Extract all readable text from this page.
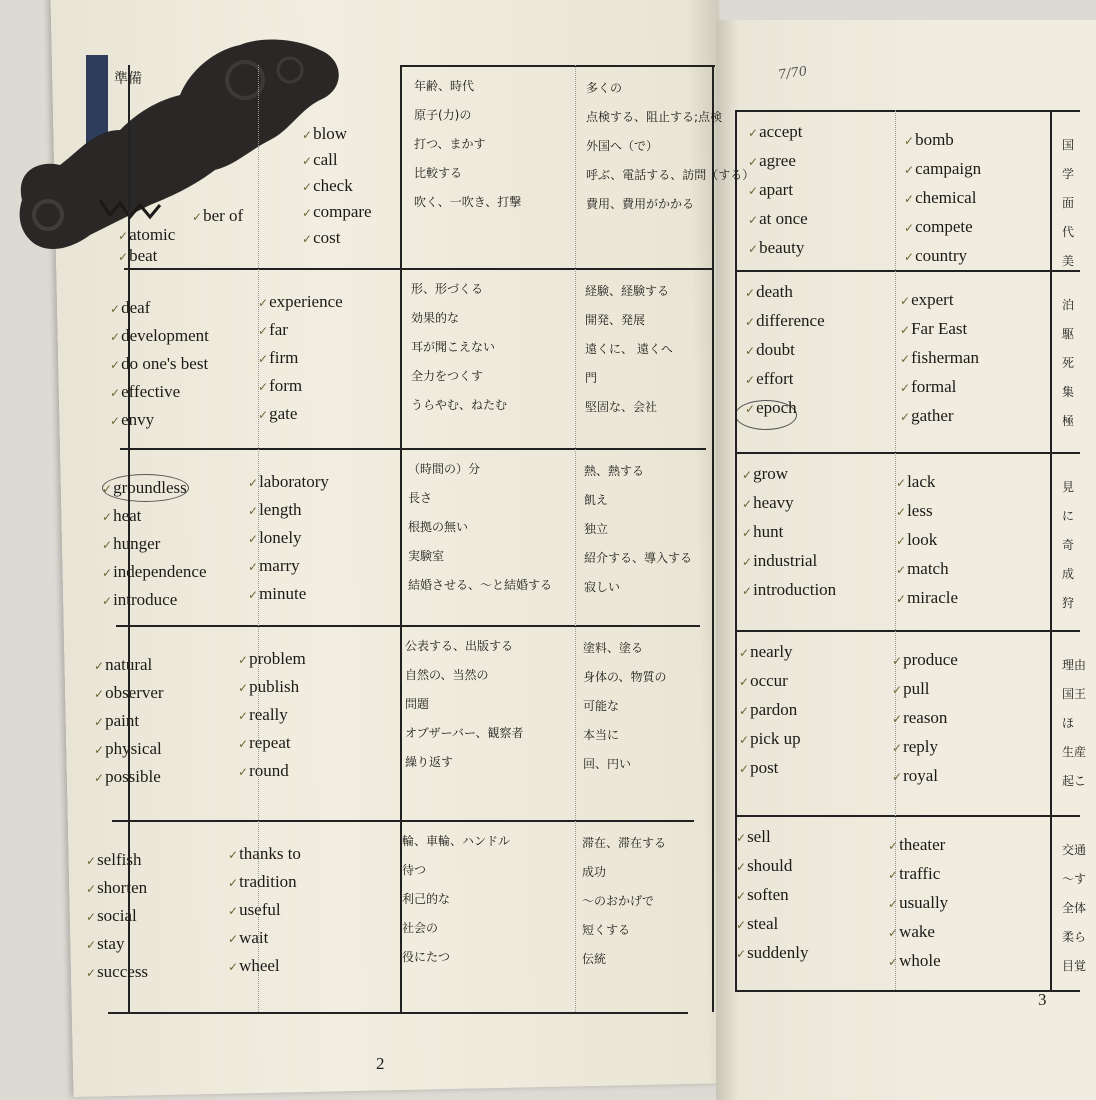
準備
2
3
7/70
✓ ber of
✓ atomic
✓ beat
✓ blow
✓ call
✓ check
✓ compare
✓ cost
年齢、時代
原子(力)の
打つ、まかす
比較する
吹く、一吹き、打撃
多くの
点検する、阻止する;点検
外国へ（で）
呼ぶ、電話する、訪問（する）
費用、費用がかかる
✓ deaf
✓ development
✓ do one's best
✓ effective
✓ envy
✓ experience
✓ far
✓ firm
✓ form
✓ gate
形、形づくる
効果的な
耳が聞こえない
全力をつくす
うらやむ、ねたむ
経験、経験する
開発、発展
遠くに、 遠くへ
門
堅固な、会社
✓ groundless
✓ heat
✓ hunger
✓ independence
✓ introduce
✓ laboratory
✓ length
✓ lonely
✓ marry
✓ minute
（時間の）分
長さ
根拠の無い
実験室
結婚させる、〜と結婚する
熱、熱する
飢え
独立
紹介する、導入する
寂しい
✓ natural
✓ observer
✓ paint
✓ physical
✓ possible
✓ problem
✓ publish
✓ really
✓ repeat
✓ round
公表する、出版する
自然の、当然の
問題
オブザーバー、観察者
繰り返す
塗料、塗る
身体の、物質の
可能な
本当に
回、円い
✓ selfish
✓ shorten
✓ social
✓ stay
✓ success
✓ thanks to
✓ tradition
✓ useful
✓ wait
✓ wheel
輪、車輪、ハンドル
待つ
利己的な
社会の
役にたつ
滞在、滞在する
成功
〜のおかげで
短くする
伝統
✓ accept
✓ agree
✓ apart
✓ at once
✓ beauty
✓ bomb
✓ campaign
✓ chemical
✓ compete
✓ country
国
学
面
代
美
✓ death
✓ difference
✓ doubt
✓ effort
✓ epoch
✓ expert
✓ Far East
✓ fisherman
✓ formal
✓ gather
泊
駆
死
集
極
✓ grow
✓ heavy
✓ hunt
✓ industrial
✓ introduction
✓ lack
✓ less
✓ look
✓ match
✓ miracle
見
に
奇
成
狩
✓ nearly
✓ occur
✓ pardon
✓ pick up
✓ post
✓ produce
✓ pull
✓ reason
✓ reply
✓ royal
理由
国王
ほ
生産
起こ
✓ sell
✓ should
✓ soften
✓ steal
✓ suddenly
✓ theater
✓ traffic
✓ usually
✓ wake
✓ whole
交通
〜す
全体
柔ら
目覚
